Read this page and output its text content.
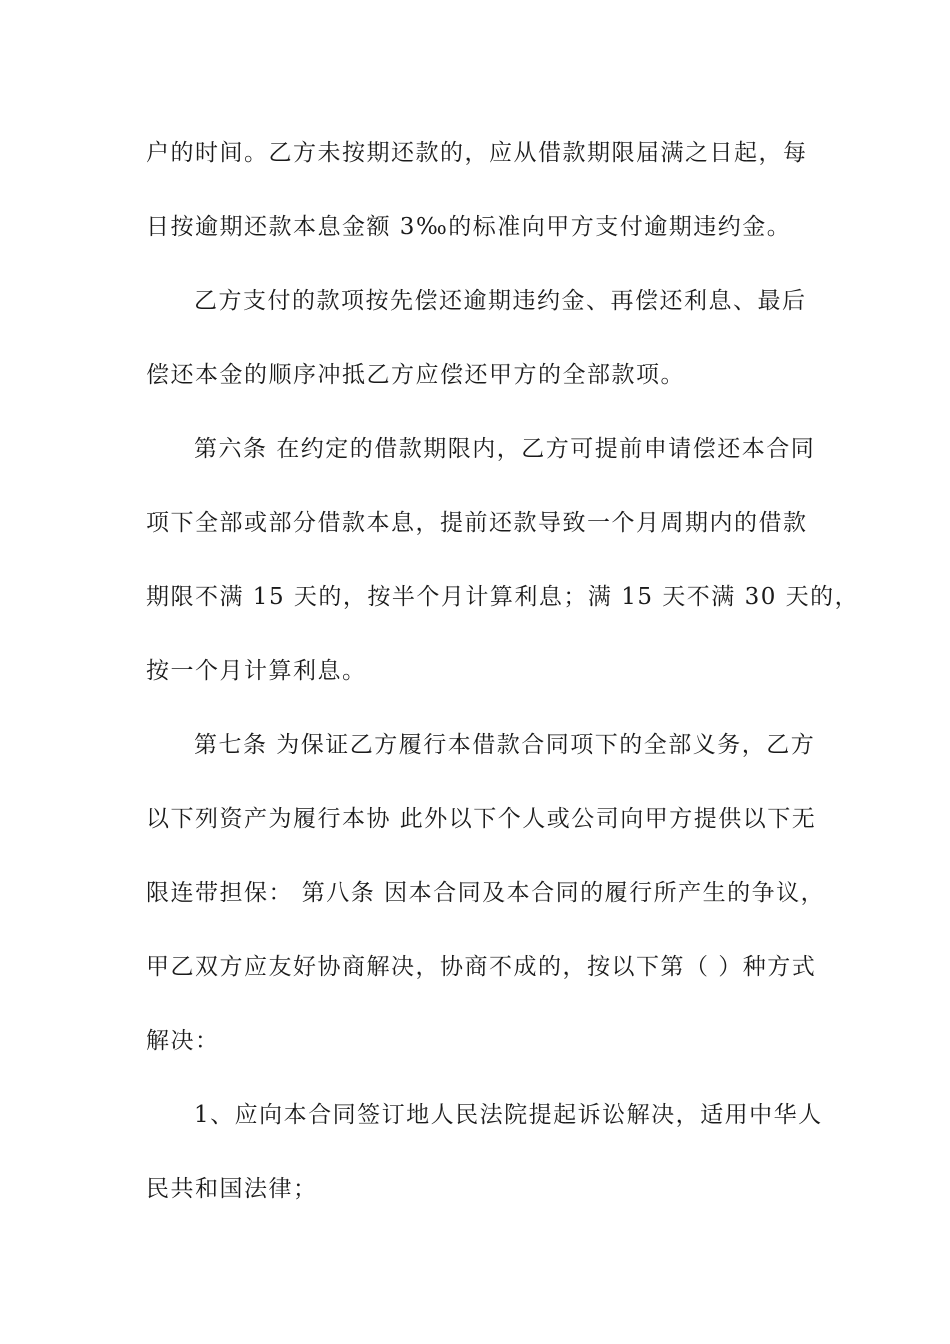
户的时间。乙方未按期还款的，应从借款期限届满之日起，每
日按逾期还款本息金额 3‰的标准向甲方支付逾期违约金。
乙方支付的款项按先偿还逾期违约金、再偿还利息、最后
偿还本金的顺序冲抵乙方应偿还甲方的全部款项。
第六条 在约定的借款期限内，乙方可提前申请偿还本合同
项下全部或部分借款本息，提前还款导致一个月周期内的借款
期限不满 15 天的，按半个月计算利息；满 15 天不满 30 天的，
按一个月计算利息。
第七条 为保证乙方履行本借款合同项下的全部义务，乙方
以下列资产为履行本协 此外以下个人或公司向甲方提供以下无
限连带担保： 第八条 因本合同及本合同的履行所产生的争议，
甲乙双方应友好协商解决，协商不成的，按以下第（ ）种方式
解决：
1、应向本合同签订地人民法院提起诉讼解决，适用中华人
民共和国法律；
